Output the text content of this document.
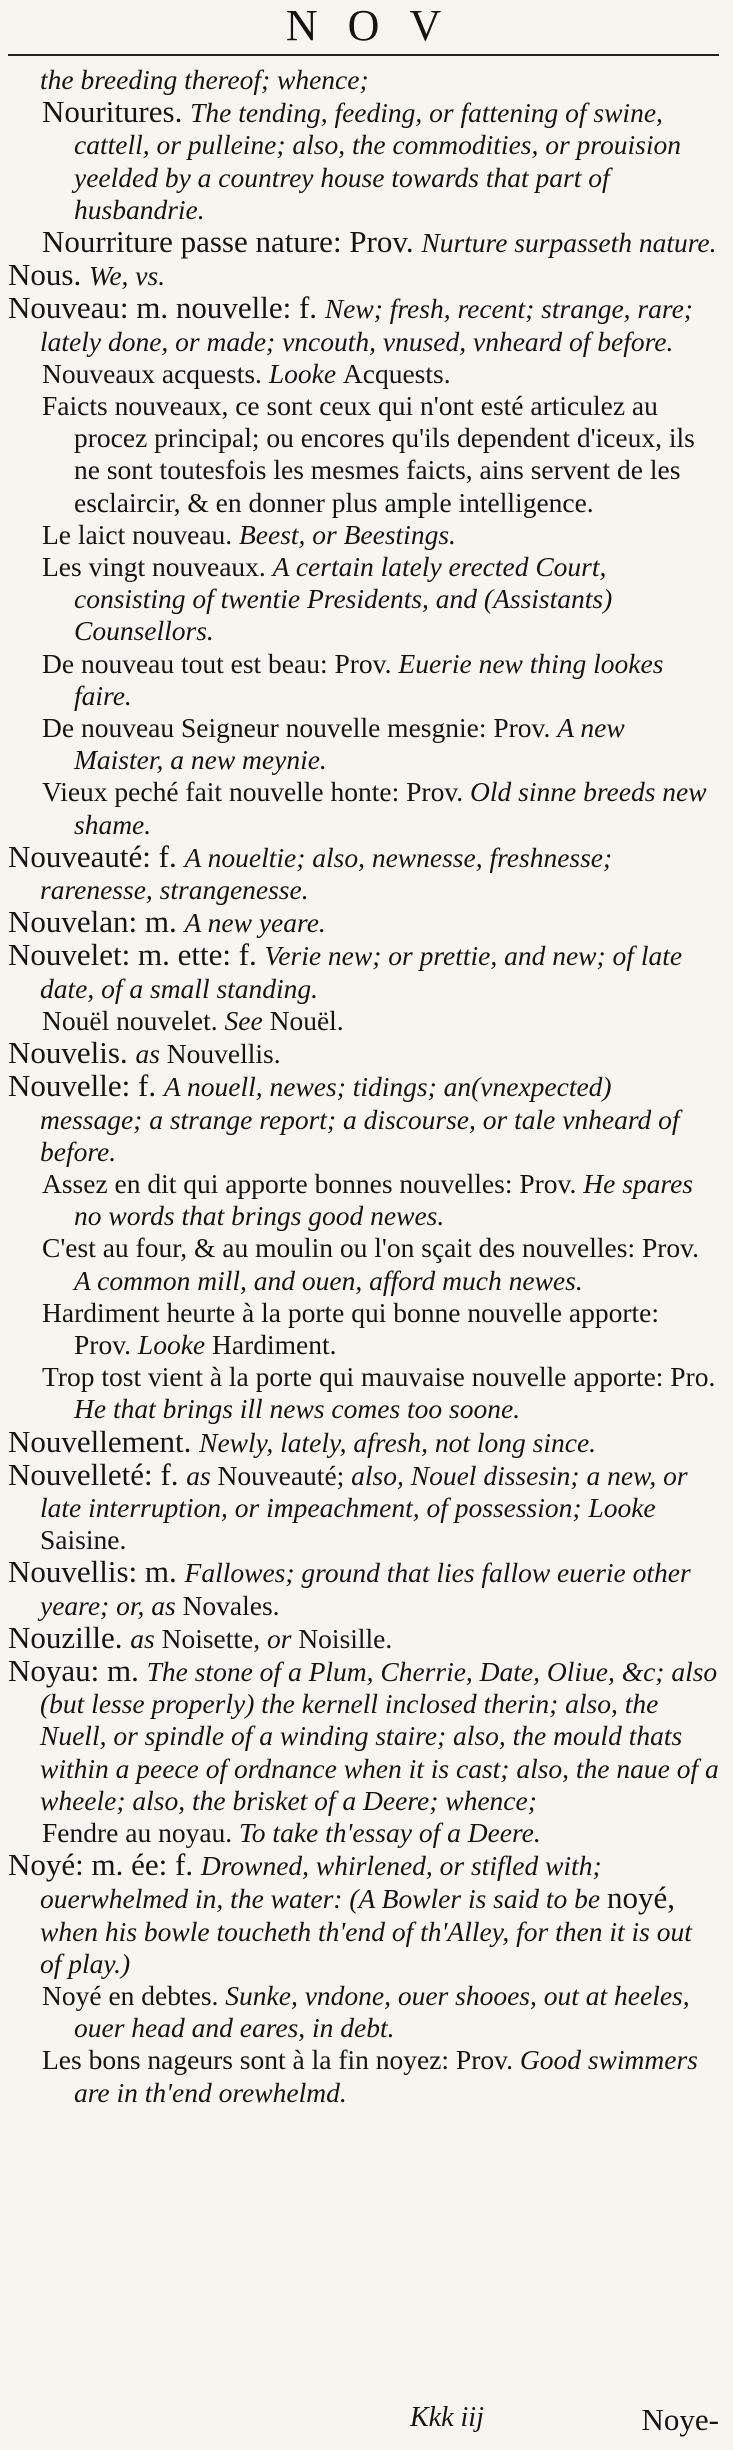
NOV

the breeding thereof; whence;

Nouritures. The tending, feeding, or fattening of swine, cattell, or pulleine; also, the commodities, or prouision yeelded by a countrey house towards that part of husbandrie.

Nourriture passe nature: Prov. Nurture surpasseth nature.

Nous. We, vs.

Nouveau: m. nouvelle: f. New; fresh, recent; strange, rare; lately done, or made; vncouth, vnused, vnheard of before.

Nouveaux acquests. Looke Acquests.

Faicts nouveaux, ce sont ceux qui n'ont esté articulez au procez principal; ou encores qu'ils dependent d'iceux, ils ne sont toutesfois les mesmes faicts, ains servent de les esclaircir, & en donner plus ample intelligence.

Le laict nouveau. Beest, or Beestings.

Les vingt nouveaux. A certain lately erected Court, consisting of twentie Presidents, and (Assistants) Counsellors.

De nouveau tout est beau: Prov. Euerie new thing lookes faire.

De nouveau Seigneur nouvelle mesgnie: Prov. A new Maister, a new meynie.

Vieux peché fait nouvelle honte: Prov. Old sinne breeds new shame.

Nouveauté: f. A noueltie; also, newnesse, freshnesse; rarenesse, strangenesse.

Nouvelan: m. A new yeare.

Nouvelet: m. ette: f. Verie new; or prettie, and new; of late date, of a small standing.

Nouël nouvelet. See Nouël.

Nouvelis. as Nouvellis.

Nouvelle: f. A nouell, newes; tidings; an(vnexpected) message; a strange report; a discourse, or tale vnheard of before.

Assez en dit qui apporte bonnes nouvelles: Prov. He spares no words that brings good newes.

C'est au four, & au moulin ou l'on sçait des nouvelles: Prov. A common mill, and ouen, afford much newes.

Hardiment heurte à la porte qui bonne nouvelle apporte: Prov. Looke Hardiment.

Trop tost vient à la porte qui mauvaise nouvelle apporte: Pro. He that brings ill news comes too soone.

Nouvellement. Newly, lately, afresh, not long since.

Nouvelleté: f. as Nouveauté; also, Nouel dissesin; a new, or late interruption, or impeachment, of possession; Looke Saisine.

Nouvellis: m. Fallowes; ground that lies fallow euerie other yeare; or, as Novales.

Nouzille. as Noisette, or Noisille.

Noyau: m. The stone of a Plum, Cherrie, Date, Oliue, &c; also (but lesse properly) the kernell inclosed therin; also, the Nuell, or spindle of a winding staire; also, the mould thats within a peece of ordnance when it is cast; also, the naue of a wheele; also, the brisket of a Deere; whence;

Fendre au noyau. To take th'essay of a Deere.

Noyé: m. ée: f. Drowned, whirlened, or stifled with; ouerwhelmed in, the water: (A Bowler is said to be noyé, when his bowle toucheth th'end of th'Alley, for then it is out of play.)

Noyé en debtes. Sunke, vndone, ouer shooes, out at heeles, ouer head and eares, in debt.

Les bons nageurs sont à la fin noyez: Prov. Good swimmers are in th'end orewhelmd.

Kkk iij	Noye-
